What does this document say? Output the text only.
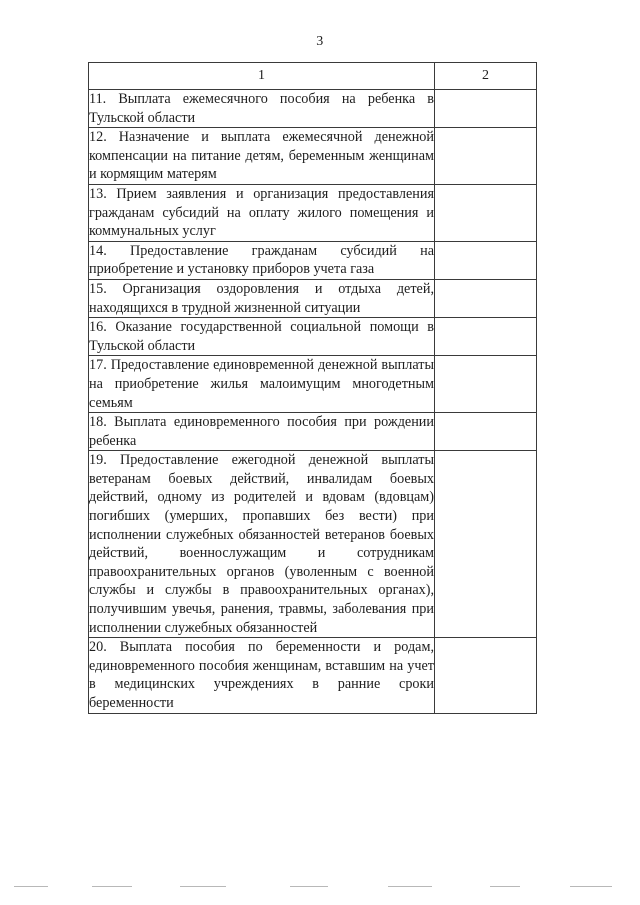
3
1	2
11. Выплата ежемесячного пособия на ребенка в Тульской области	
12. Назначение и выплата ежемесячной денежной компенсации на питание детям, беременным женщинам и кормящим матерям	
13. Прием заявления и организация предоставления гражданам субсидий на оплату жилого помещения и коммунальных услуг	
14. Предоставление гражданам субсидий на приобретение и установку приборов учета газа	
15. Организация оздоровления и отдыха детей, находящихся в трудной жизненной ситуации	
16. Оказание государственной социальной помощи в Тульской области	
17. Предоставление единовременной денежной выплаты на приобретение жилья малоимущим многодетным семьям	
18. Выплата единовременного пособия при рождении ребенка	
19. Предоставление ежегодной денежной выплаты ветеранам боевых действий, инвалидам боевых действий, одному из родителей и вдовам (вдовцам) погибших (умерших, пропавших без вести) при исполнении служебных обязанностей ветеранов боевых действий, военнослужащим и сотрудникам правоохранительных органов (уволенным с военной службы и службы в правоохранительных органах), получившим увечья, ранения, травмы, заболевания при исполнении служебных обязанностей	
20. Выплата пособия по беременности и родам, единовременного пособия женщинам, вставшим на учет в медицинских учреждениях в ранние сроки беременности	
